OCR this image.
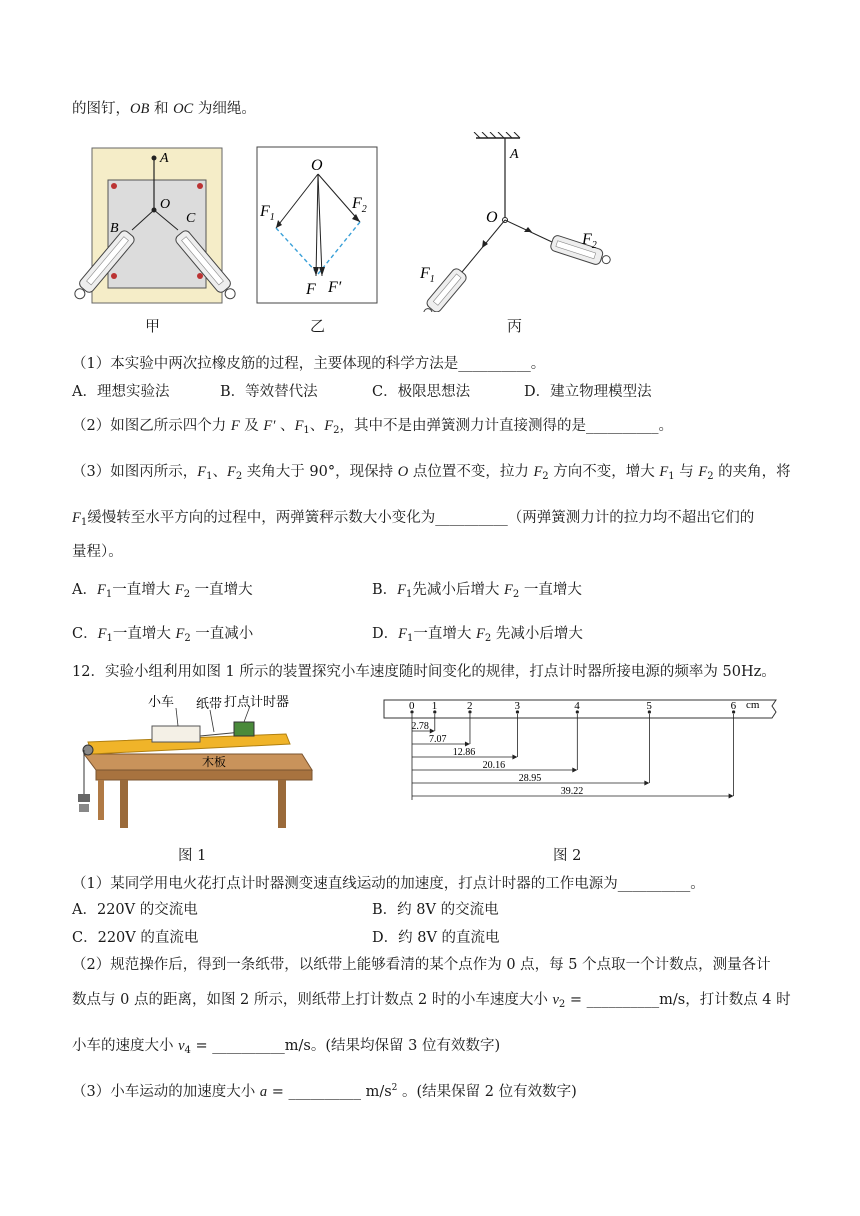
的图钉，OB 和 OC 为细绳。
A
O
B
C
甲
O
$F_1$
$F_2$
F F′
乙
A
O
$F_2$
$F_1$
丙
（1）本实验中两次拉橡皮筋的过程，主要体现的科学方法是__________。
A．理想实验法	B．等效替代法	C．极限思想法	D．建立物理模型法
（2）如图乙所示四个力 F 及 F′ 、$F_1$、$F_2$，其中不是由弹簧测力计直接测得的是__________。
（3）如图丙所示，$F_1$、$F_2$ 夹角大于 90°，现保持 O 点位置不变，拉力 $F_2$ 方向不变，增大 $F_1$ 与 $F_2$ 的夹角，将
$F_1$缓慢转至水平方向的过程中，两弹簧秤示数大小变化为__________（两弹簧测力计的拉力均不超出它们的
量程）。
A．$F_1$一直增大 $F_2$ 一直增大	B．$F_1$先减小后增大 $F_2$ 一直增大
C．$F_1$一直增大 $F_2$ 一直减小	D．$F_1$一直增大 $F_2$ 先减小后增大
12．实验小组利用如图 1 所示的装置探究小车速度随时间变化的规律，打点计时器所接电源的频率为 50Hz。
小车 纸带 打点计时器
木板
图 1
0 1	2	3	4	5	6
2.78
7.07
12.86
20.16
28.95
39.22
cm
图 2
（1）某同学用电火花打点计时器测变速直线运动的加速度，打点计时器的工作电源为__________。
A．220V 的交流电	B．约 8V 的交流电
C．220V 的直流电	D．约 8V 的直流电
（2）规范操作后，得到一条纸带，以纸带上能够看清的某个点作为 0 点，每 5 个点取一个计数点，测量各计
数点与 0 点的距离，如图 2 所示，则纸带上打计数点 2 时的小车速度大小 $v_2$ = __________m/s，打计数点 4 时
小车的速度大小 $v_4$ = __________m/s。(结果均保留 3 位有效数字)
（3）小车运动的加速度大小 a = __________ $m/s^2$ 。(结果保留 2 位有效数字)
